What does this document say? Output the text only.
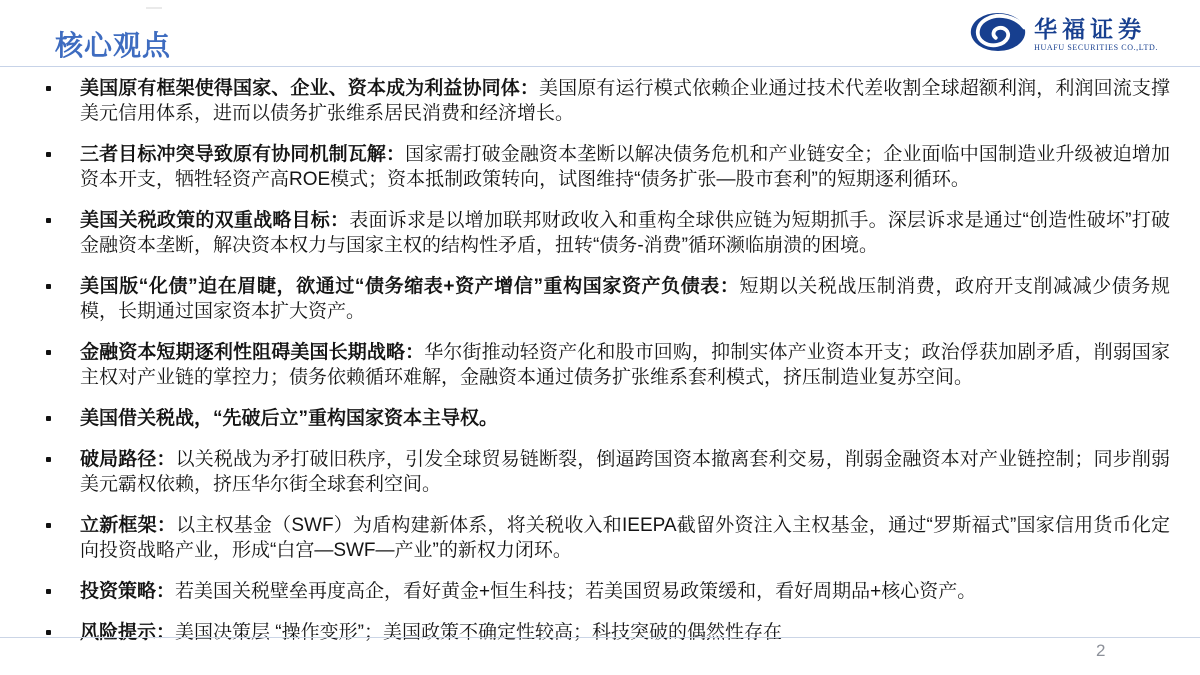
核心观点
华福证券
HUAFU SECURITIES CO.,LTD.
美国原有框架使得国家、企业、资本成为利益协同体：美国原有运行模式依赖企业通过技术代差收割全球超额利润，利润回流支撑美元信用体系，进而以债务扩张维系居民消费和经济增长。
三者目标冲突导致原有协同机制瓦解：国家需打破金融资本垄断以解决债务危机和产业链安全；企业面临中国制造业升级被迫增加资本开支，牺牲轻资产高ROE模式；资本抵制政策转向，试图维持“债务扩张—股市套利”的短期逐利循环。
美国关税政策的双重战略目标：表面诉求是以增加联邦财政收入和重构全球供应链为短期抓手。深层诉求是通过“创造性破坏”打破金融资本垄断，解决资本权力与国家主权的结构性矛盾，扭转“债务-消费”循环濒临崩溃的困境。
美国版“化债”迫在眉睫，欲通过“债务缩表+资产增信”重构国家资产负债表：短期以关税战压制消费，政府开支削减减少债务规模，长期通过国家资本扩大资产。
金融资本短期逐利性阻碍美国长期战略：华尔街推动轻资产化和股市回购，抑制实体产业资本开支；政治俘获加剧矛盾，削弱国家主权对产业链的掌控力；债务依赖循环难解，金融资本通过债务扩张维系套利模式，挤压制造业复苏空间。
美国借关税战，“先破后立”重构国家资本主导权。
破局路径：以关税战为矛打破旧秩序，引发全球贸易链断裂，倒逼跨国资本撤离套利交易，削弱金融资本对产业链控制；同步削弱美元霸权依赖，挤压华尔街全球套利空间。
立新框架：以主权基金（SWF）为盾构建新体系，将关税收入和IEEPA截留外资注入主权基金，通过“罗斯福式”国家信用货币化定向投资战略产业，形成“白宫—SWF—产业”的新权力闭环。
投资策略：若美国关税壁垒再度高企，看好黄金+恒生科技；若美国贸易政策缓和，看好周期品+核心资产。
风险提示：美国决策层 “操作变形”；美国政策不确定性较高；科技突破的偶然性存在
2
